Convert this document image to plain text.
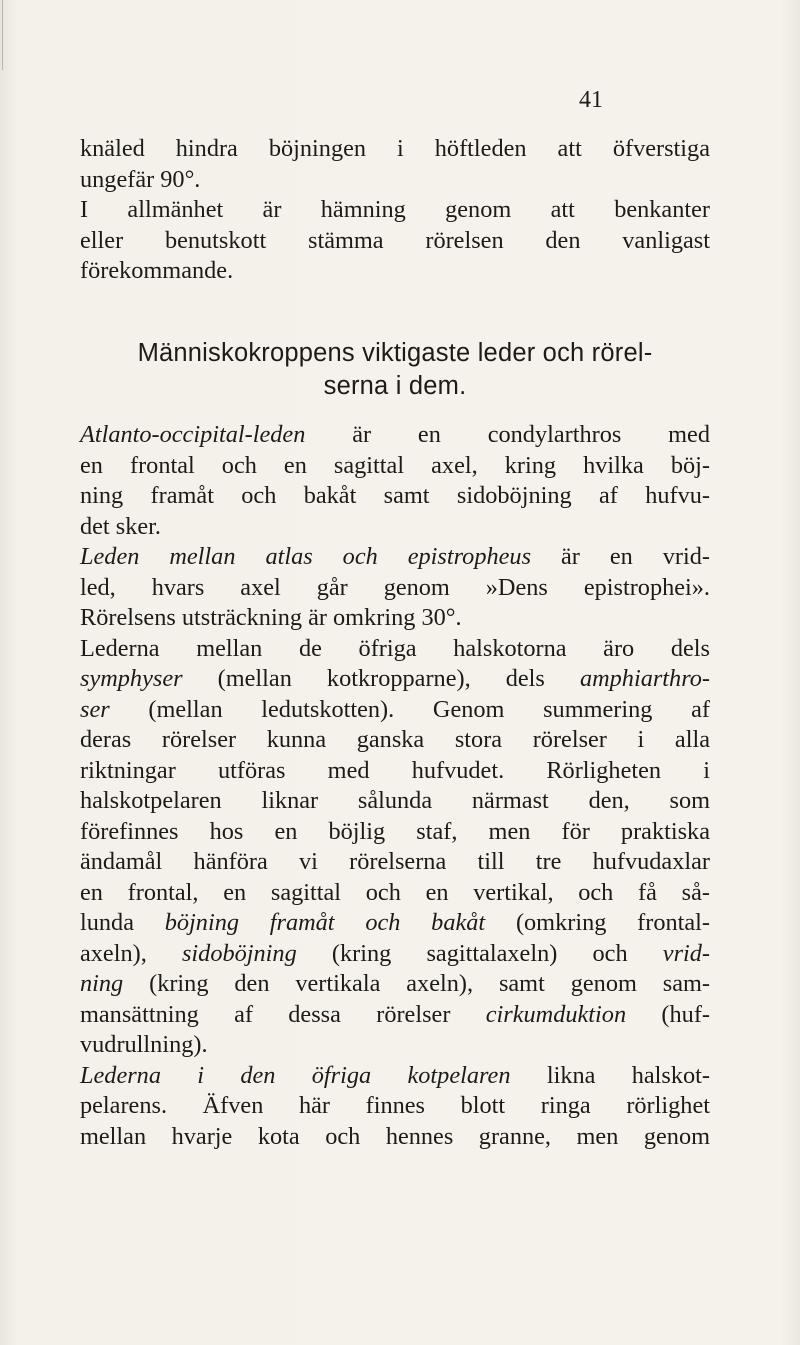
41
knäled hindra böjningen i höftleden att öfverstiga
ungefär 90°.
I allmänhet är hämning genom att benkanter
eller benutskott stämma rörelsen den vanligast
förekommande.
Människokroppens viktigaste leder och rörel-
serna i dem.
Atlanto-occipital-leden är en condylarthros med
en frontal och en sagittal axel, kring hvilka böj-
ning framåt och bakåt samt sidoböjning af hufvu-
det sker.
Leden mellan atlas och epistropheus är en vrid-
led, hvars axel går genom »Dens epistrophei».
Rörelsens utsträckning är omkring 30°.
Lederna mellan de öfriga halskotorna äro dels
symphyser (mellan kotkropparne), dels amphiarthro-
ser (mellan ledutskotten). Genom summering af
deras rörelser kunna ganska stora rörelser i alla
riktningar utföras med hufvudet. Rörligheten i
halskotpelaren liknar sålunda närmast den, som
förefinnes hos en böjlig staf, men för praktiska
ändamål hänföra vi rörelserna till tre hufvudaxlar
en frontal, en sagittal och en vertikal, och få så-
lunda böjning framåt och bakåt (omkring frontal-
axeln), sidoböjning (kring sagittalaxeln) och vrid-
ning (kring den vertikala axeln), samt genom sam-
mansättning af dessa rörelser cirkumduktion (huf-
vudrullning).
Lederna i den öfriga kotpelaren likna halskot-
pelarens. Äfven här finnes blott ringa rörlighet
mellan hvarje kota och hennes granne, men genom
